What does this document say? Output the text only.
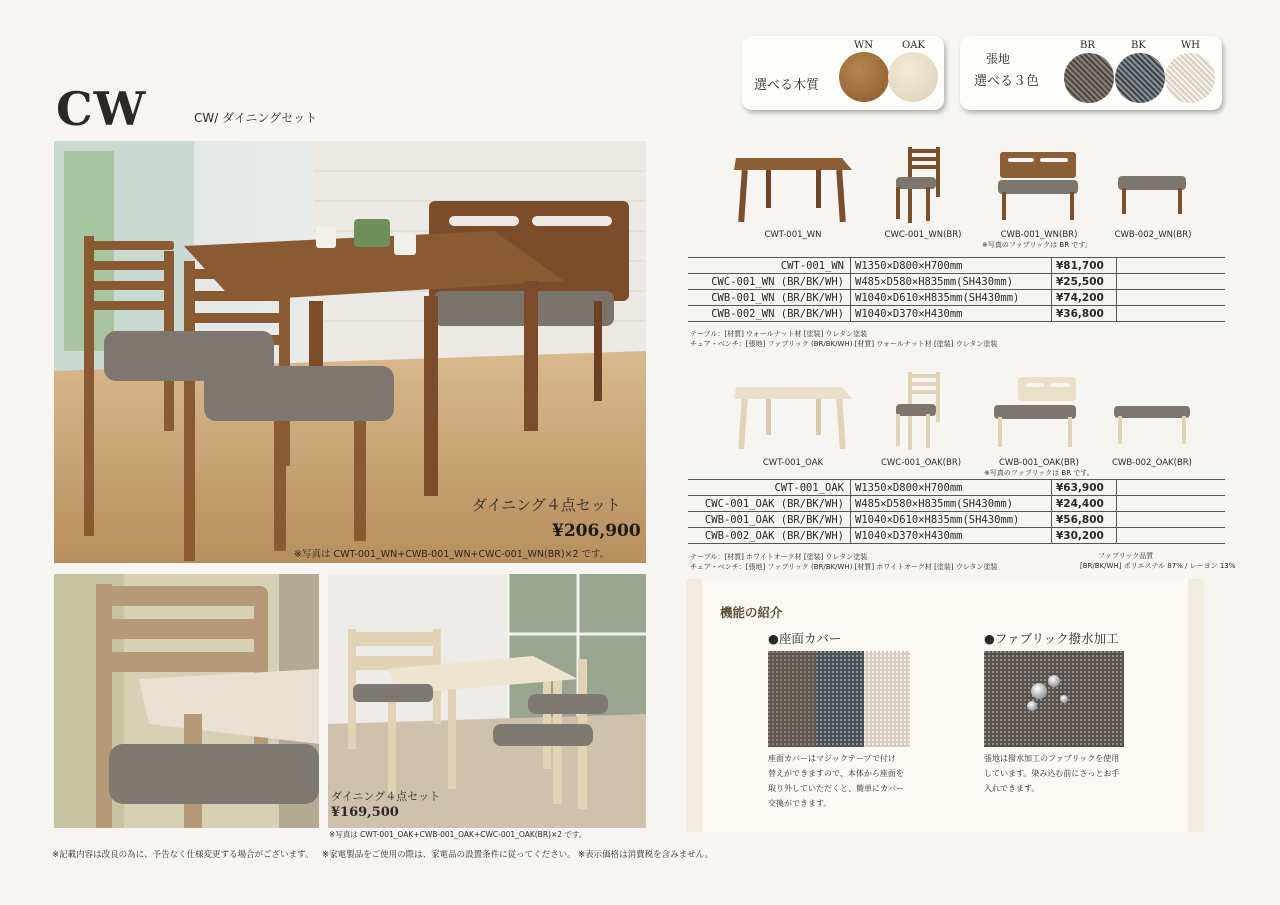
CW	CW/ ダイニングセット
選べる木質
WN	OAK
張地
選べる３色
BR	BK	WH
ダイニング４点セット
¥206,900
※写真は CWT-001_WN+CWB-001_WN+CWC-001_WN(BR)×2 です。
ダイニング４点セット
¥169,500
※写真は CWT-001_OAK+CWB-001_OAK+CWC-001_OAK(BR)×2 です。
CWT-001_WN	CWC-001_WN(BR)	CWB-001_WN(BR)	CWB-002_WN(BR)
※写真のファブリックは BR です。
CWT-001_WN	W1350×D800×H700mm	¥81,700	
CWC-001_WN (BR/BK/WH)	W485×D580×H835mm(SH430mm)	¥25,500	
CWB-001_WN (BR/BK/WH)	W1040×D610×H835mm(SH430mm)	¥74,200	
CWB-002_WN (BR/BK/WH)	W1040×D370×H430mm	¥36,800	
テーブル：[材質] ウォールナット材 [塗装] ウレタン塗装
チェア・ベンチ：[張地] ファブリック (BR/BK/WH) [材質] ウォールナット材 [塗装] ウレタン塗装
CWT-001_OAK	CWC-001_OAK(BR)	CWB-001_OAK(BR)	CWB-002_OAK(BR)
※写真のファブリックは BR です。
CWT-001_OAK	W1350×D800×H700mm	¥63,900	
CWC-001_OAK (BR/BK/WH)	W485×D580×H835mm(SH430mm)	¥24,400	
CWB-001_OAK (BR/BK/WH)	W1040×D610×H835mm(SH430mm)	¥56,800	
CWB-002_OAK (BR/BK/WH)	W1040×D370×H430mm	¥30,200	
テーブル：[材質] ホワイトオーク材 [塗装] ウレタン塗装
チェア・ベンチ：[張地] ファブリック (BR/BK/WH) [材質] ホワイトオーク材 [塗装] ウレタン塗装
ファブリック品質
[BR/BK/WH] ポリエステル 87% / レーヨン 13%
機能の紹介
●座面カバー
座面カバーはマジックテープで付け
替えができますので、本体から座面を
取り外していただくと、簡単にカバー
交換ができます。
●ファブリック撥水加工
張地は撥水加工のファブリックを使用
しています。染み込む前にさっとお手
入れできます。
※記載内容は改良の為に、予告なく仕様変更する場合がございます。 ※家電製品をご使用の際は、家電品の設置条件に従ってください。 ※表示価格は消費税を含みません。
